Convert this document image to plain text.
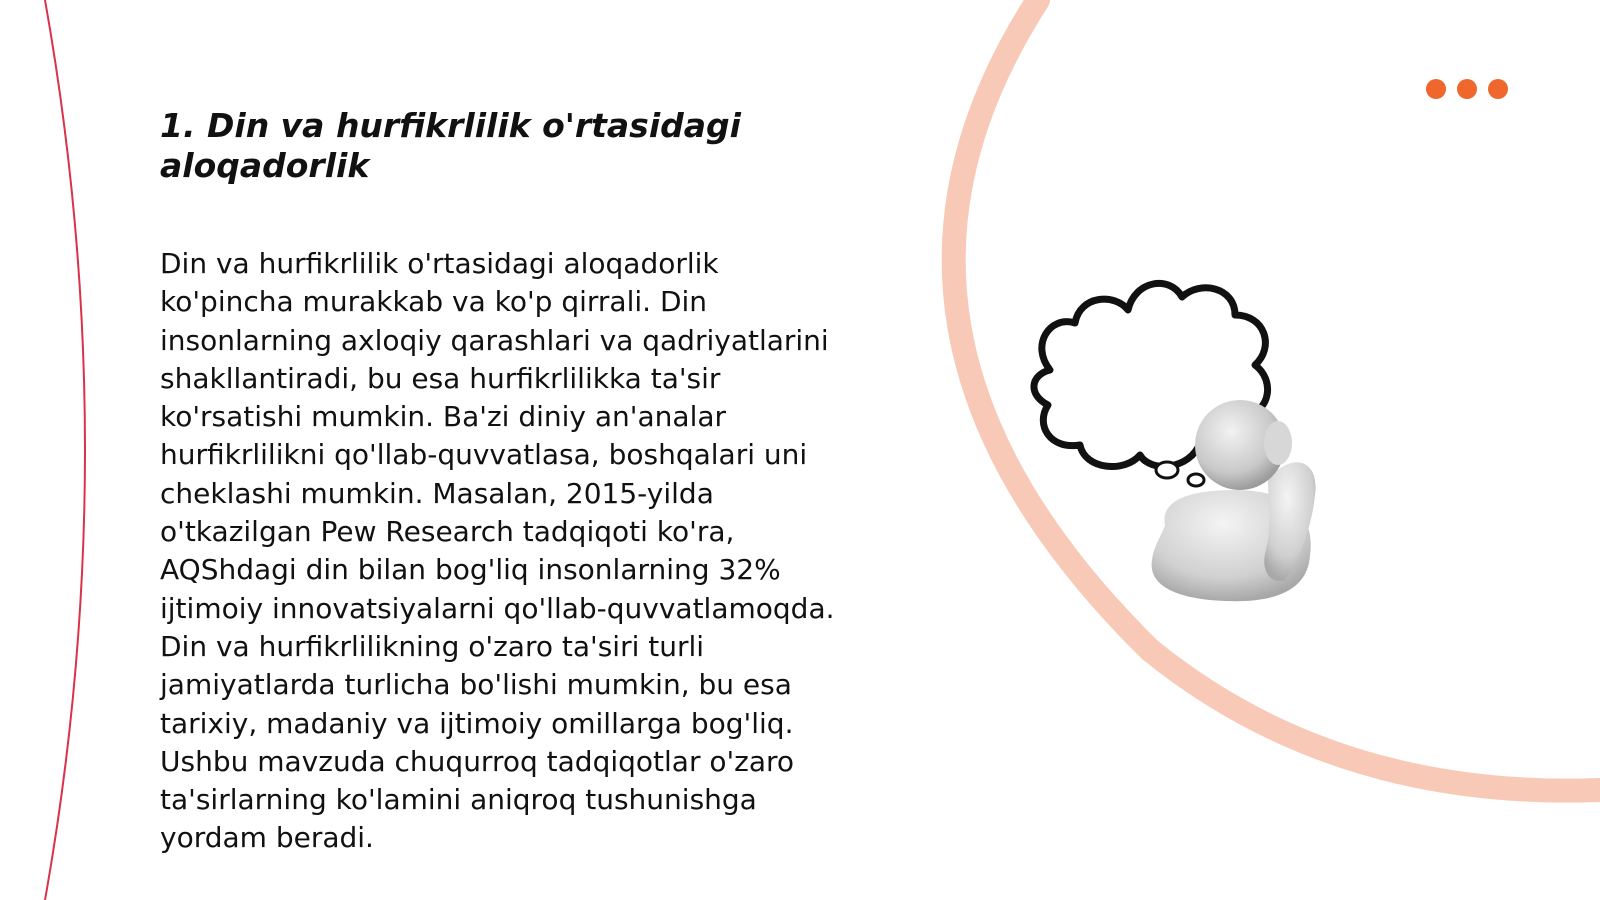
1. Din va hurfikrlilik o'rtasidagi aloqadorlik

Din va hurfikrlilik o'rtasidagi aloqadorlik ko'pincha murakkab va ko'p qirrali. Din insonlarning axloqiy qarashlari va qadriyatlarini shakllantiradi, bu esa hurfikrlilikka ta'sir ko'rsatishi mumkin. Ba'zi diniy an'analar hurfikrlilikni qo'llab-quvvatlasa, boshqalari uni cheklashi mumkin. Masalan, 2015-yilda o'tkazilgan Pew Research tadqiqoti ko'ra, AQShdagi din bilan bog'liq insonlarning 32% ijtimoiy innovatsiyalarni qo'llab-quvvatlamoqda. Din va hurfikrlilikning o'zaro ta'siri turli jamiyatlarda turlicha bo'lishi mumkin, bu esa tarixiy, madaniy va ijtimoiy omillarga bog'liq. Ushbu mavzuda chuqurroq tadqiqotlar o'zaro ta'sirlarning ko'lamini aniqroq tushunishga yordam beradi.
